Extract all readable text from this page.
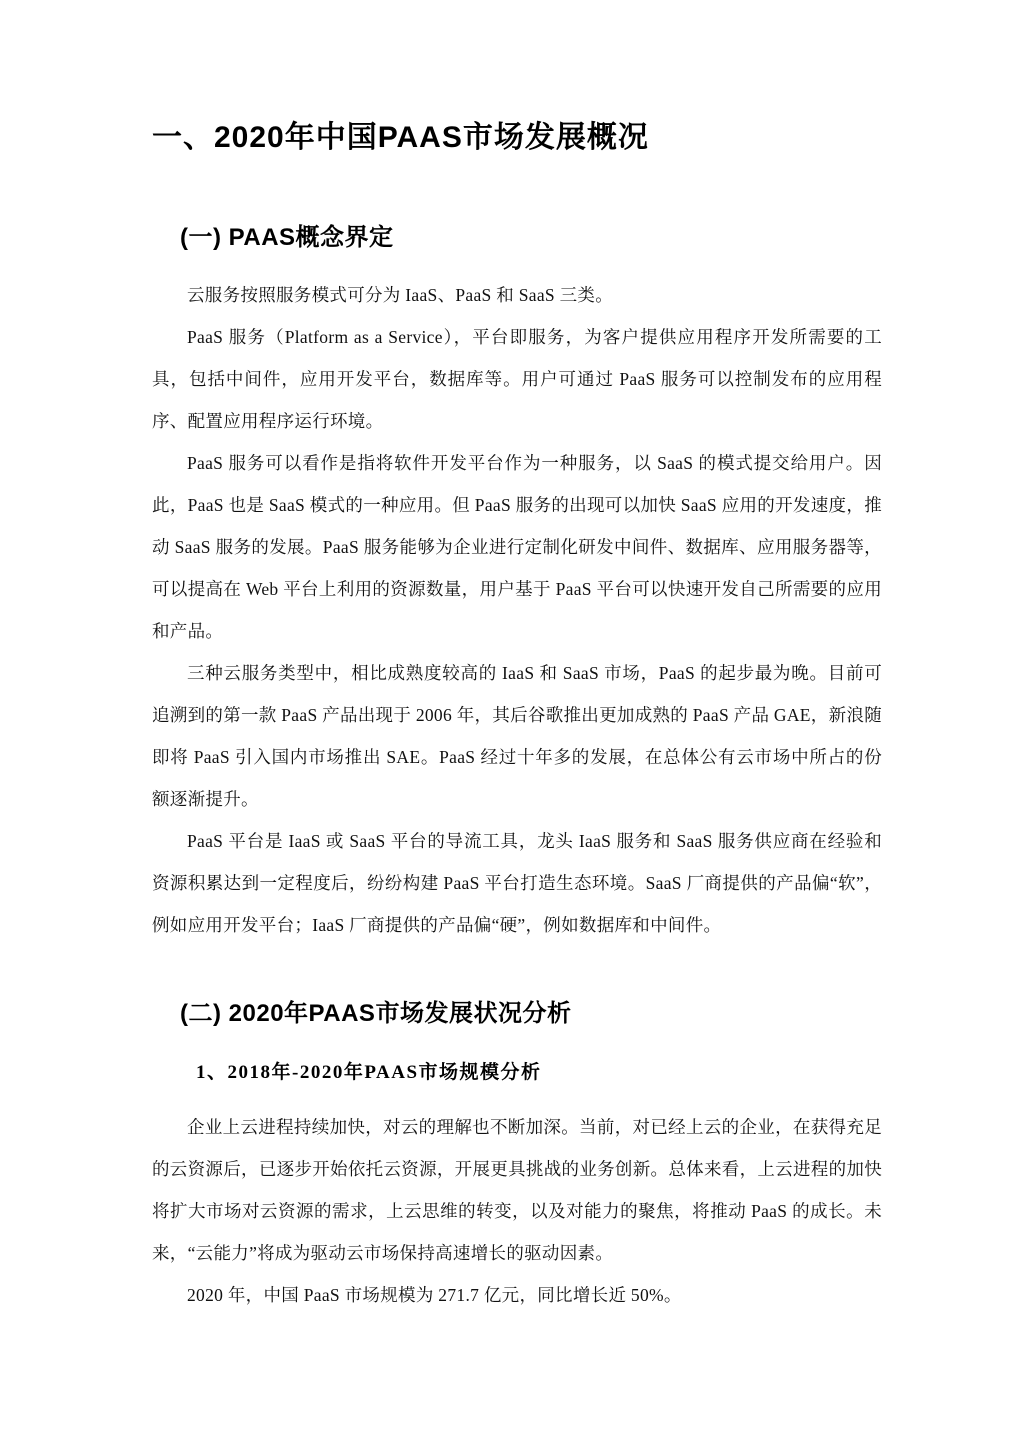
一、2020年中国PAAS市场发展概况
(一) PAAS概念界定

云服务按照服务模式可分为 IaaS、PaaS 和 SaaS 三类。

PaaS 服务（Platform as a Service），平台即服务，为客户提供应用程序开发所需要的工具，包括中间件，应用开发平台，数据库等。用户可通过 PaaS 服务可以控制发布的应用程序、配置应用程序运行环境。

PaaS 服务可以看作是指将软件开发平台作为一种服务，以 SaaS 的模式提交给用户。因此，PaaS 也是 SaaS 模式的一种应用。但 PaaS 服务的出现可以加快 SaaS 应用的开发速度，推动 SaaS 服务的发展。PaaS 服务能够为企业进行定制化研发中间件、数据库、应用服务器等，可以提高在 Web 平台上利用的资源数量，用户基于 PaaS 平台可以快速开发自己所需要的应用和产品。

三种云服务类型中，相比成熟度较高的 IaaS 和 SaaS 市场，PaaS 的起步最为晚。目前可追溯到的第一款 PaaS 产品出现于 2006 年，其后谷歌推出更加成熟的 PaaS 产品 GAE，新浪随即将 PaaS 引入国内市场推出 SAE。PaaS 经过十年多的发展，在总体公有云市场中所占的份额逐渐提升。

PaaS 平台是 IaaS 或 SaaS 平台的导流工具，龙头 IaaS 服务和 SaaS 服务供应商在经验和资源积累达到一定程度后，纷纷构建 PaaS 平台打造生态环境。SaaS 厂商提供的产品偏“软”，例如应用开发平台；IaaS 厂商提供的产品偏“硬”，例如数据库和中间件。

(二) 2020年PAAS市场发展状况分析
1、2018年-2020年PAAS市场规模分析

企业上云进程持续加快，对云的理解也不断加深。当前，对已经上云的企业，在获得充足的云资源后，已逐步开始依托云资源，开展更具挑战的业务创新。总体来看，上云进程的加快将扩大市场对云资源的需求，上云思维的转变，以及对能力的聚焦，将推动 PaaS 的成长。未来，“云能力”将成为驱动云市场保持高速增长的驱动因素。

2020 年，中国 PaaS 市场规模为 271.7 亿元，同比增长近 50%。
